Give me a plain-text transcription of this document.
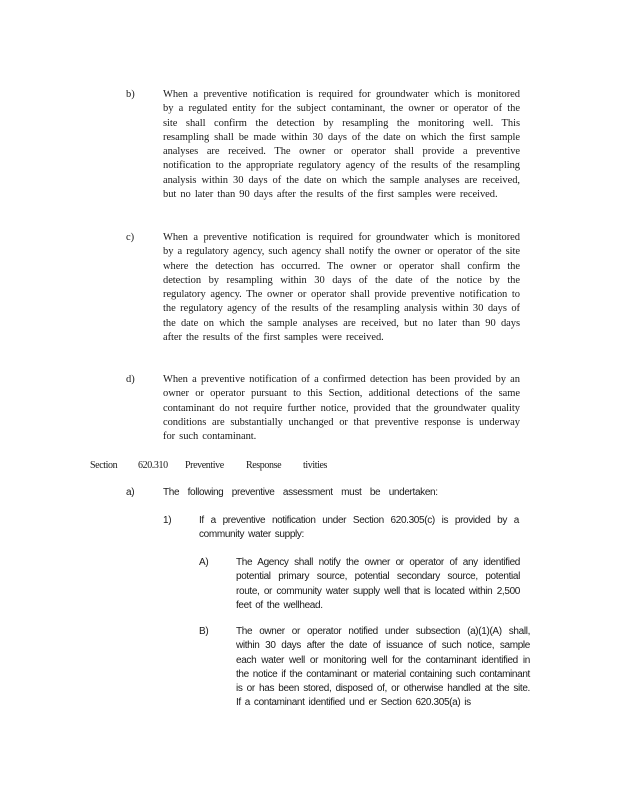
b)	When a preventive notification is required for groundwater which is monitored by a regulated entity for the subject contaminant, the owner or operator of the site shall confirm the detection by resampling the monitoring well. This resampling shall be made within 30 days of the date on which the first sample analyses are received. The owner or operator shall provide a preventive notification to the appropriate regulatory agency of the results of the resampling analysis within 30 days of the date on which the sample analyses are received, but no later than 90 days after the results of the first samples were received.
c)	When a preventive notification is required for groundwater which is monitored by a regulatory agency, such agency shall notify the owner or operator of the site where the detection has occurred. The owner or operator shall confirm the detection by resampling within 30 days of the date of the notice by the regulatory agency. The owner or operator shall provide preventive notification to the regulatory agency of the results of the resampling analysis within 30 days of the date on which the sample analyses are received, but no later than 90 days after the results of the first samples were received.
d)	When a preventive notification of a confirmed detection has been provided by an owner or operator pursuant to this Section, additional detections of the same contaminant do not require further notice, provided that the groundwater quality conditions are substantially unchanged or that preventive response is underway for such contaminant.
Section 620.310 Preventive Response tivities
a)	The following preventive assessment must be undertaken:
1)	If a preventive notification under Section 620.305(c) is provided by a community water supply:
A)	The Agency shall notify the owner or operator of any identified potential primary source, potential secondary source, potential route, or community water supply well that is located within 2,500 feet of the wellhead.
B)	The owner or operator notified under subsection (a)(1)(A) shall, within 30 days after the date of issuance of such notice, sample each water well or monitoring well for the contaminant identified in the notice if the contaminant or material containing such contaminant is or has been stored, disposed of, or otherwise handled at the site. If a contaminant identified und er Section 620.305(a) is
